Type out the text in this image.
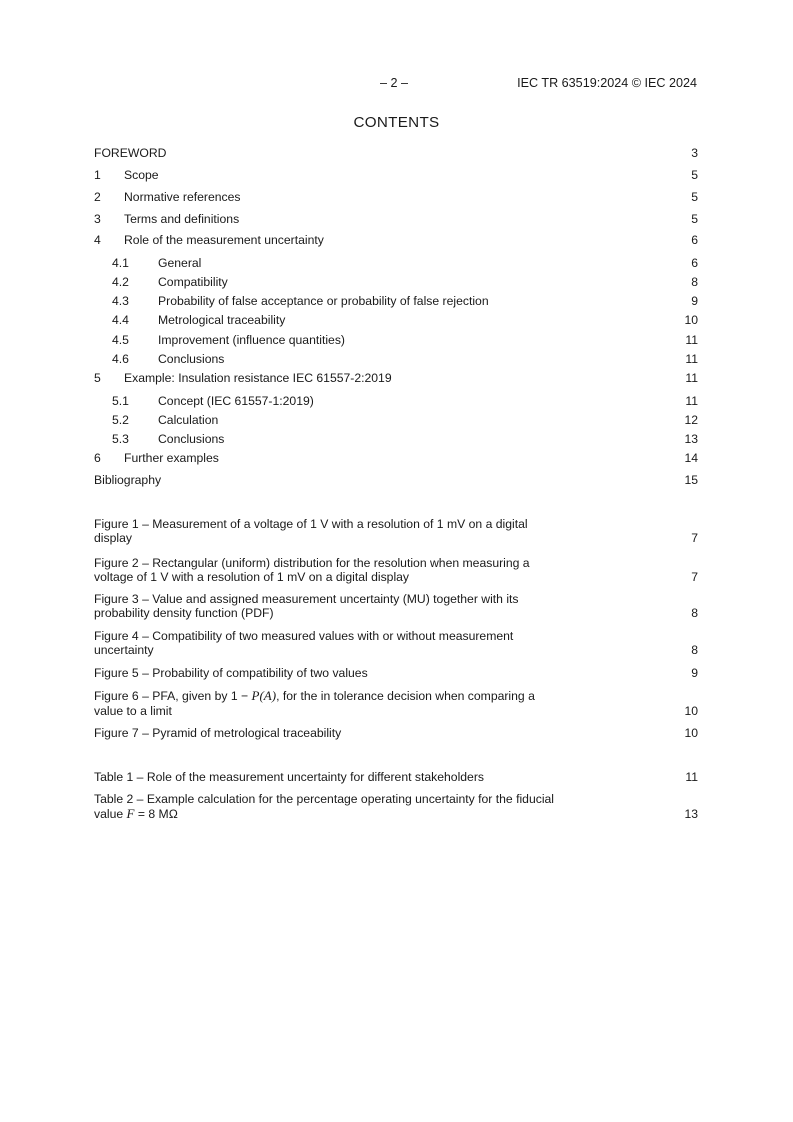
– 2 –	IEC TR 63519:2024 © IEC 2024
CONTENTS
FOREWORD	3
1	Scope	5
2	Normative references	5
3	Terms and definitions	5
4	Role of the measurement uncertainty	6
4.1	General	6
4.2	Compatibility	8
4.3	Probability of false acceptance or probability of false rejection	9
4.4	Metrological traceability	10
4.5	Improvement (influence quantities)	11
4.6	Conclusions	11
5	Example: Insulation resistance IEC 61557-2:2019	11
5.1	Concept (IEC 61557-1:2019)	11
5.2	Calculation	12
5.3	Conclusions	13
6	Further examples	14
Bibliography	15
Figure 1 – Measurement of a voltage of 1 V with a resolution of 1 mV on a digital
display	7
Figure 2 – Rectangular (uniform) distribution for the resolution when measuring a
voltage of 1 V with a resolution of 1 mV on a digital display	7
Figure 3 – Value and assigned measurement uncertainty (MU) together with its
probability density function (PDF)	8
Figure 4 – Compatibility of two measured values with or without measurement
uncertainty	8
Figure 5 – Probability of compatibility of two values	9
Figure 6 – PFA, given by 1 − P(A), for the in tolerance decision when comparing a
value to a limit	10
Figure 7 – Pyramid of metrological traceability	10
Table 1 – Role of the measurement uncertainty for different stakeholders	11
Table 2 – Example calculation for the percentage operating uncertainty for the fiducial
value F = 8 MΩ	13
